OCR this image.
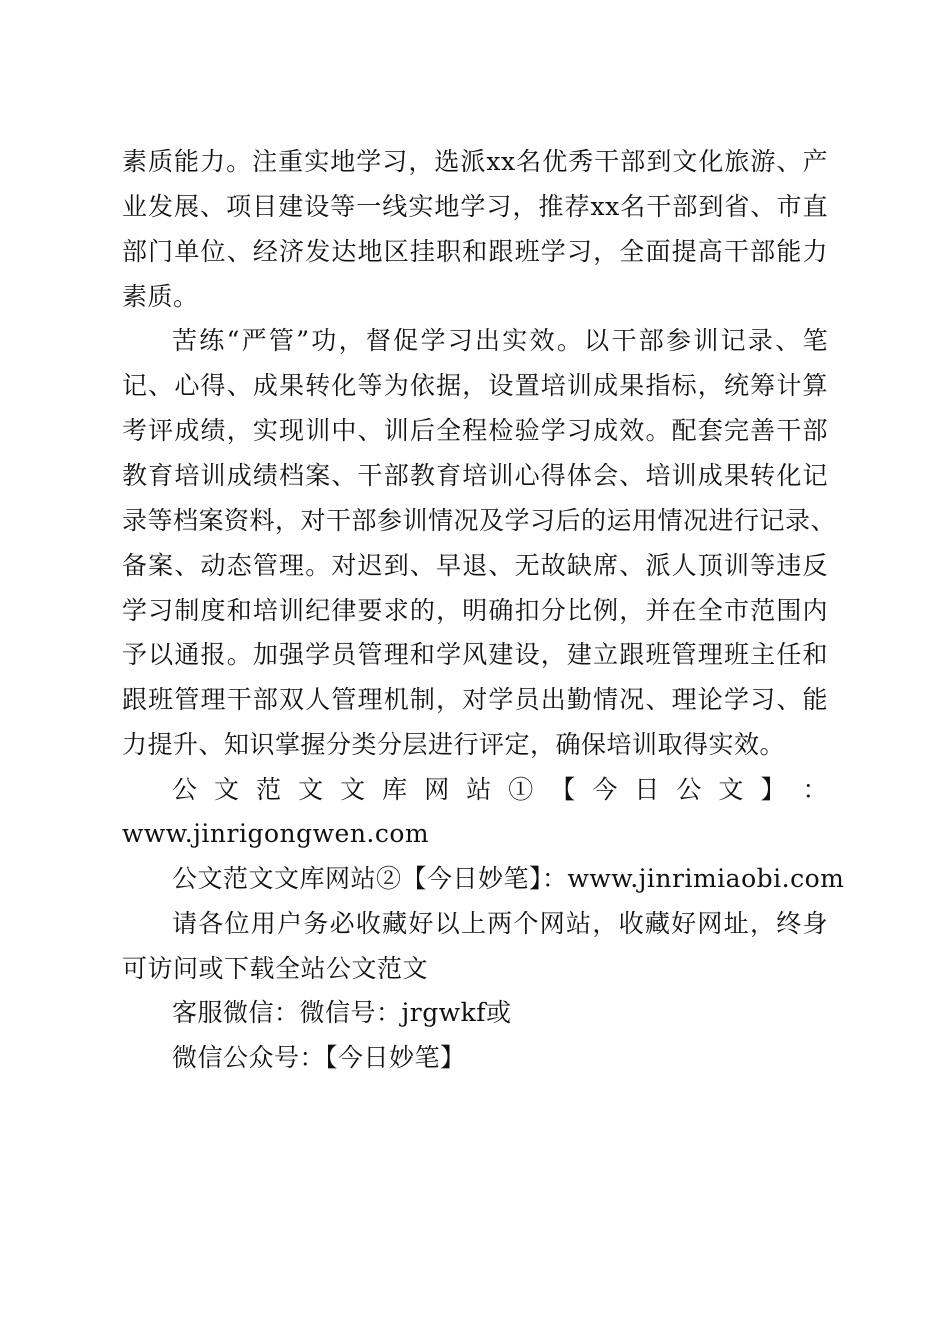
素质能力。注重实地学习，选派xx名优秀干部到文化旅游、产
业发展、项目建设等一线实地学习，推荐xx名干部到省、市直
部门单位、经济发达地区挂职和跟班学习，全面提高干部能力
素质。
苦练“严管”功，督促学习出实效。以干部参训记录、笔
记、心得、成果转化等为依据，设置培训成果指标，统筹计算
考评成绩，实现训中、训后全程检验学习成效。配套完善干部
教育培训成绩档案、干部教育培训心得体会、培训成果转化记
录等档案资料，对干部参训情况及学习后的运用情况进行记录、
备案、动态管理。对迟到、早退、无故缺席、派人顶训等违反
学习制度和培训纪律要求的，明确扣分比例，并在全市范围内
予以通报。加强学员管理和学风建设，建立跟班管理班主任和
跟班管理干部双人管理机制，对学员出勤情况、理论学习、能
力提升、知识掌握分类分层进行评定，确保培训取得实效。
公 文 范 文 文 库 网 站 ① 【 今 日 公 文 】 ：
www.jinrigongwen.com
公文范文文库网站②【今日妙笔】：www.jinrimiaobi.com
请各位用户务必收藏好以上两个网站，收藏好网址，终身
可访问或下载全站公文范文
客服微信：微信号：jrgwkf或
微信公众号：【今日妙笔】
